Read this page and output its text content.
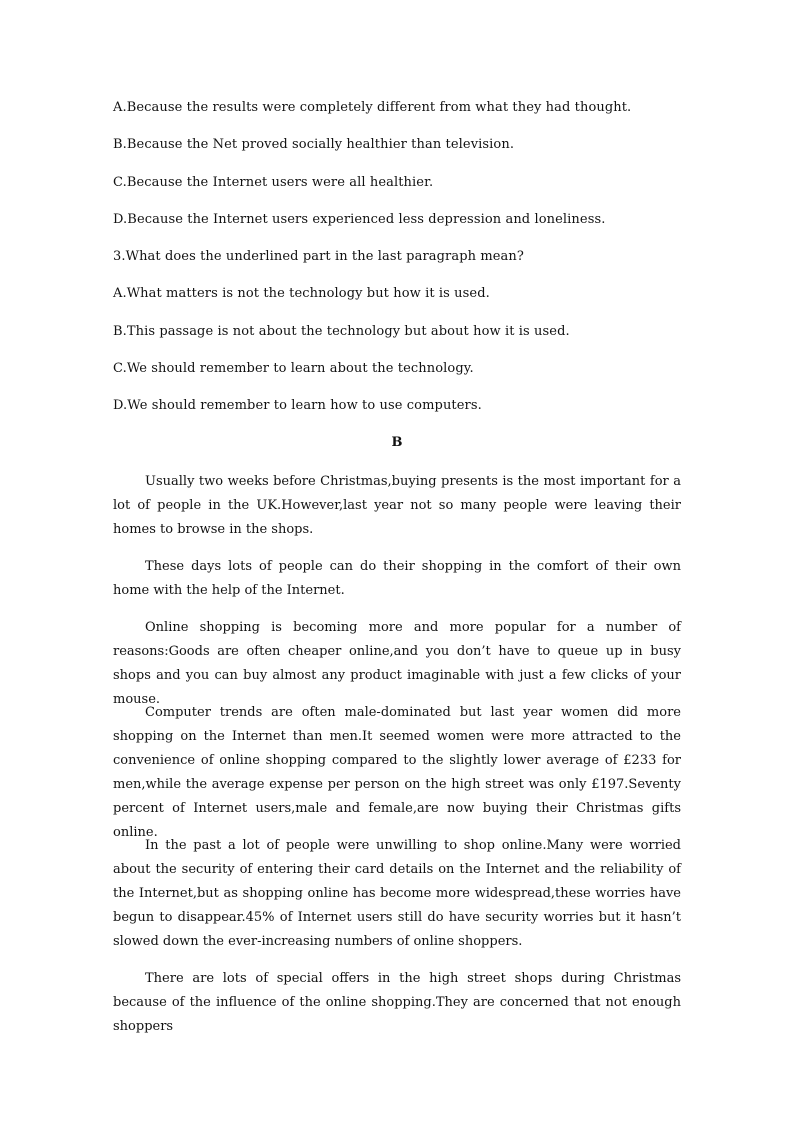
A.Because the results were completely different from what they had thought.
B.Because the Net proved socially healthier than television.
C.Because the Internet users were all healthier.
D.Because the Internet users experienced less depression and loneliness.
3.What does the underlined part in the last paragraph mean?
A.What matters is not the technology but how it is used.
B.This passage is not about the technology but about how it is used.
C.We should remember to learn about the technology.
D.We should remember to learn how to use computers.
B

Usually two weeks before Christmas,buying presents is the most important for a lot of people in the UK.However,last year not so many people were leaving their homes to browse in the shops.

These days lots of people can do their shopping in the comfort of their own home with the help of the Internet.

Online shopping is becoming more and more popular for a number of reasons:Goods are often cheaper online,and you don’t have to queue up in busy shops and you can buy almost any product imaginable with just a few clicks of your mouse.

Computer trends are often male-dominated but last year women did more shopping on the Internet than men.It seemed women were more attracted to the convenience of online shopping compared to the slightly lower average of £233 for men,while the average expense per person on the high street was only £197.Seventy percent of Internet users,male and female,are now buying their Christmas gifts online.

In the past a lot of people were unwilling to shop online.Many were worried about the security of entering their card details on the Internet and the reliability of the Internet,but as shopping online has become more widespread,these worries have begun to disappear.45% of Internet users still do have security worries but it hasn’t slowed down the ever-increasing numbers of online shoppers.

There are lots of special offers in the high street shops during Christmas because of the influence of the online shopping.They are concerned that not enough shoppers
